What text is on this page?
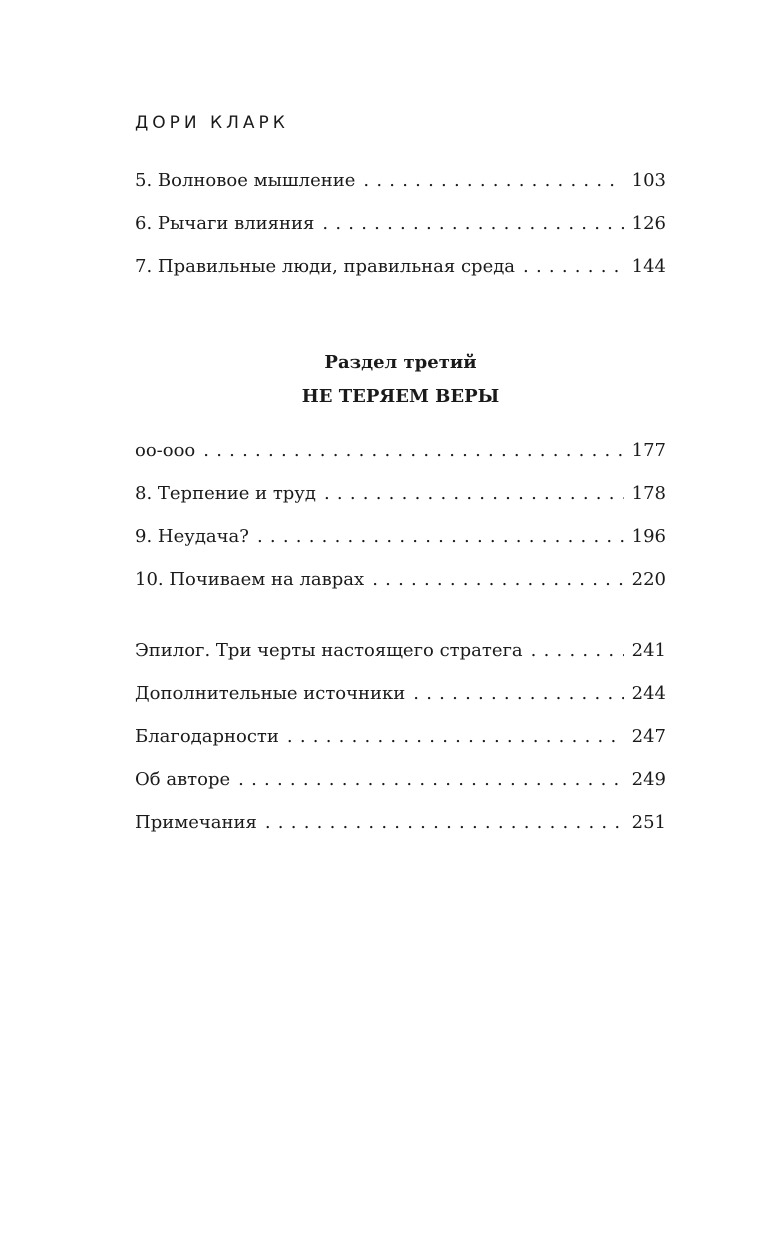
ДОРИ КЛАРК
5. Волновое мышление . . .	103
6. Рычаги влияния . . .	126
7. Правильные люди, правильная среда . . .	144
Раздел третий
НЕ ТЕРЯЕМ ВЕРЫ
оо-ооо . . .	177
8. Терпение и труд . . .	178
9. Неудача? . . .	196
10. Почиваем на лаврах . . .	220
Эпилог. Три черты настоящего стратега . . .	241
Дополнительные источники . . .	244
Благодарности . . .	247
Об авторе . . .	249
Примечания . . .	251
